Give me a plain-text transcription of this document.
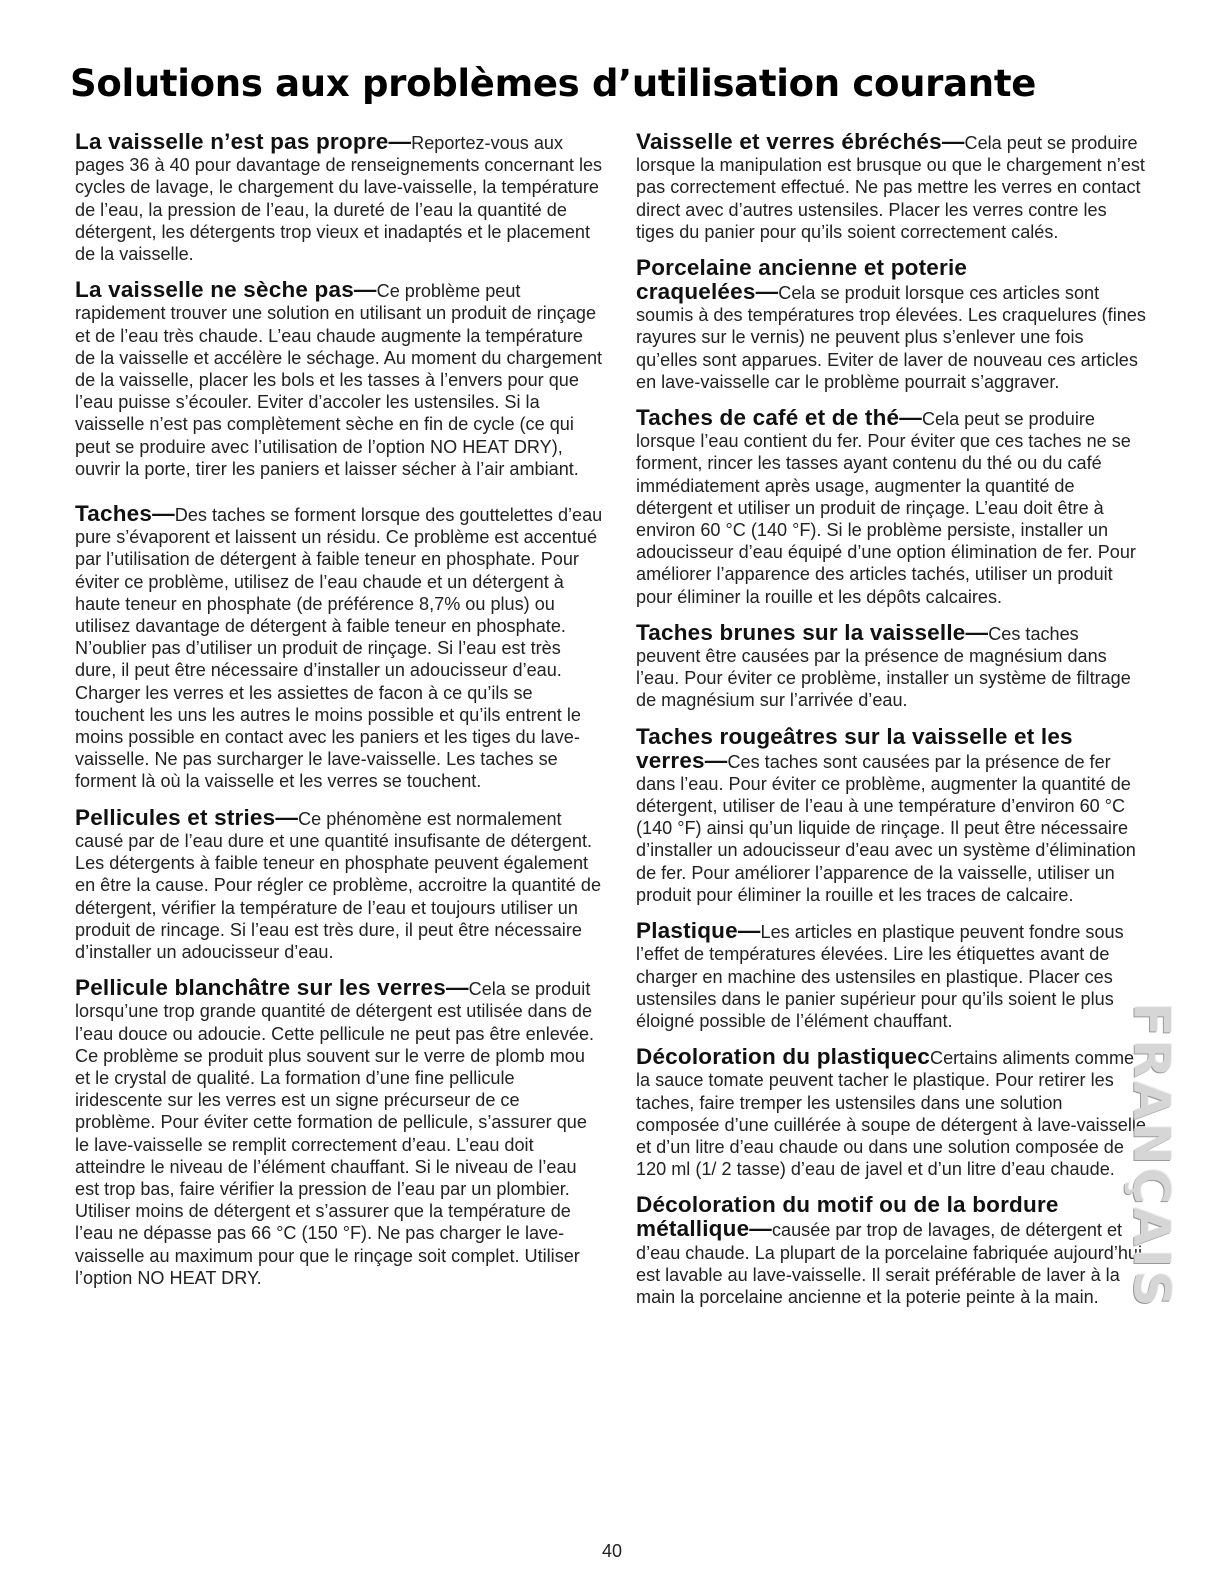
Solutions aux problèmes d’utilisation courante

La vaisselle n’est pas propre—Reportez-vous aux pages 36 à 40 pour davantage de renseignements concernant les cycles de lavage, le chargement du lave-vaisselle, la température de l’eau, la pression de l’eau, la dureté de l’eau la quantité de détergent, les détergents trop vieux et inadaptés et le placement de la vaisselle.

La vaisselle ne sèche pas—Ce problème peut rapidement trouver une solution en utilisant un produit de rinçage et de l’eau très chaude. L’eau chaude augmente la température de la vaisselle et accélère le séchage. Au moment du chargement de la vaisselle, placer les bols et les tasses à l’envers pour que l’eau puisse s’écouler. Eviter d’accoler les ustensiles. Si la vaisselle n’est pas complètement sèche en fin de cycle (ce qui peut se produire avec l’utilisation de l’option NO HEAT DRY), ouvrir la porte, tirer les paniers et laisser sécher à l’air ambiant.

Taches—Des taches se forment lorsque des gouttelettes d’eau pure s’évaporent et laissent un résidu. Ce problème est accentué par l’utilisation de détergent à faible teneur en phosphate. Pour éviter ce problème, utilisez de l’eau chaude et un détergent à haute teneur en phosphate (de préférence 8,7% ou plus) ou utilisez davantage de détergent à faible teneur en phosphate. N’oublier pas d’utiliser un produit de rinçage. Si l’eau est très dure, il peut être nécessaire d’installer un adoucisseur d’eau. Charger les verres et les assiettes de facon à ce qu’ils se touchent les uns les autres le moins possible et qu’ils entrent le moins possible en contact avec les paniers et les tiges du lave-vaisselle. Ne pas surcharger le lave-vaisselle. Les taches se forment là où la vaisselle et les verres se touchent.

Pellicules et stries—Ce phénomène est normalement causé par de l’eau dure et une quantité insufisante de détergent. Les détergents à faible teneur en phosphate peuvent également en être la cause. Pour régler ce problème, accroitre la quantité de détergent, vérifier la température de l’eau et toujours utiliser un produit de rincage. Si l’eau est très dure, il peut être nécessaire d’installer un adoucisseur d’eau.

Pellicule blanchâtre sur les verres—Cela se produit lorsqu’une trop grande quantité de détergent est utilisée dans de l’eau douce ou adoucie. Cette pellicule ne peut pas être enlevée. Ce problème se produit plus souvent sur le verre de plomb mou et le crystal de qualité. La formation d’une fine pellicule iridescente sur les verres est un signe précurseur de ce problème. Pour éviter cette formation de pellicule, s’assurer que le lave-vaisselle se remplit correctement d’eau. L’eau doit atteindre le niveau de l’élément chauffant. Si le niveau de l’eau est trop bas, faire vérifier la pression de l’eau par un plombier. Utiliser moins de détergent et s’assurer que la température de l’eau ne dépasse pas 66 °C (150 °F). Ne pas charger le lave-vaisselle au maximum pour que le rinçage soit complet. Utiliser l’option NO HEAT DRY.

Vaisselle et verres ébréchés—Cela peut se produire lorsque la manipulation est brusque ou que le chargement n’est pas correctement effectué. Ne pas mettre les verres en contact direct avec d’autres ustensiles. Placer les verres contre les tiges du panier pour qu’ils soient correctement calés.

Porcelaine ancienne et poterie
craquelées—Cela se produit lorsque ces articles sont soumis à des températures trop élevées. Les craquelures (fines rayures sur le vernis) ne peuvent plus s’enlever une fois qu’elles sont apparues. Eviter de laver de nouveau ces articles en lave-vaisselle car le problème pourrait s’aggraver.

Taches de café et de thé—Cela peut se produire lorsque l’eau contient du fer. Pour éviter que ces taches ne se forment, rincer les tasses ayant contenu du thé ou du café immédiatement après usage, augmenter la quantité de détergent et utiliser un produit de rinçage. L’eau doit être à environ 60 °C (140 °F). Si le problème persiste, installer un adoucisseur d’eau équipé d’une option élimination de fer. Pour améliorer l’apparence des articles tachés, utiliser un produit pour éliminer la rouille et les dépôts calcaires.

Taches brunes sur la vaisselle—Ces taches peuvent être causées par la présence de magnésium dans l’eau. Pour éviter ce problème, installer un système de filtrage de magnésium sur l’arrivée d’eau.

Taches rougeâtres sur la vaisselle et les
verres—Ces taches sont causées par la présence de fer dans l’eau. Pour éviter ce problème, augmenter la quantité de détergent, utiliser de l’eau à une température d’environ 60 °C (140 °F) ainsi qu’un liquide de rinçage. Il peut être nécessaire d’installer un adoucisseur d’eau avec un système d’élimination de fer. Pour améliorer l’apparence de la vaisselle, utiliser un produit pour éliminer la rouille et les traces de calcaire.

Plastique—Les articles en plastique peuvent fondre sous l’effet de températures élevées. Lire les étiquettes avant de charger en machine des ustensiles en plastique. Placer ces ustensiles dans le panier supérieur pour qu’ils soient le plus éloigné possible de l’élément chauffant.

Décoloration du plastiquecCertains aliments comme la sauce tomate peuvent tacher le plastique. Pour retirer les taches, faire tremper les ustensiles dans une solution composée d’une cuillérée à soupe de détergent à lave-vaisselle et d’un litre d’eau chaude ou dans une solution composée de 120 ml (1/ 2 tasse) d’eau de javel et d’un litre d’eau chaude.

Décoloration du motif ou de la bordure
métallique—causée par trop de lavages, de détergent et d’eau chaude. La plupart de la porcelaine fabriquée aujourd’hui est lavable au lave-vaisselle. Il serait préférable de laver à la main la porcelaine ancienne et la poterie peinte à la main. FRANÇAIS
40
